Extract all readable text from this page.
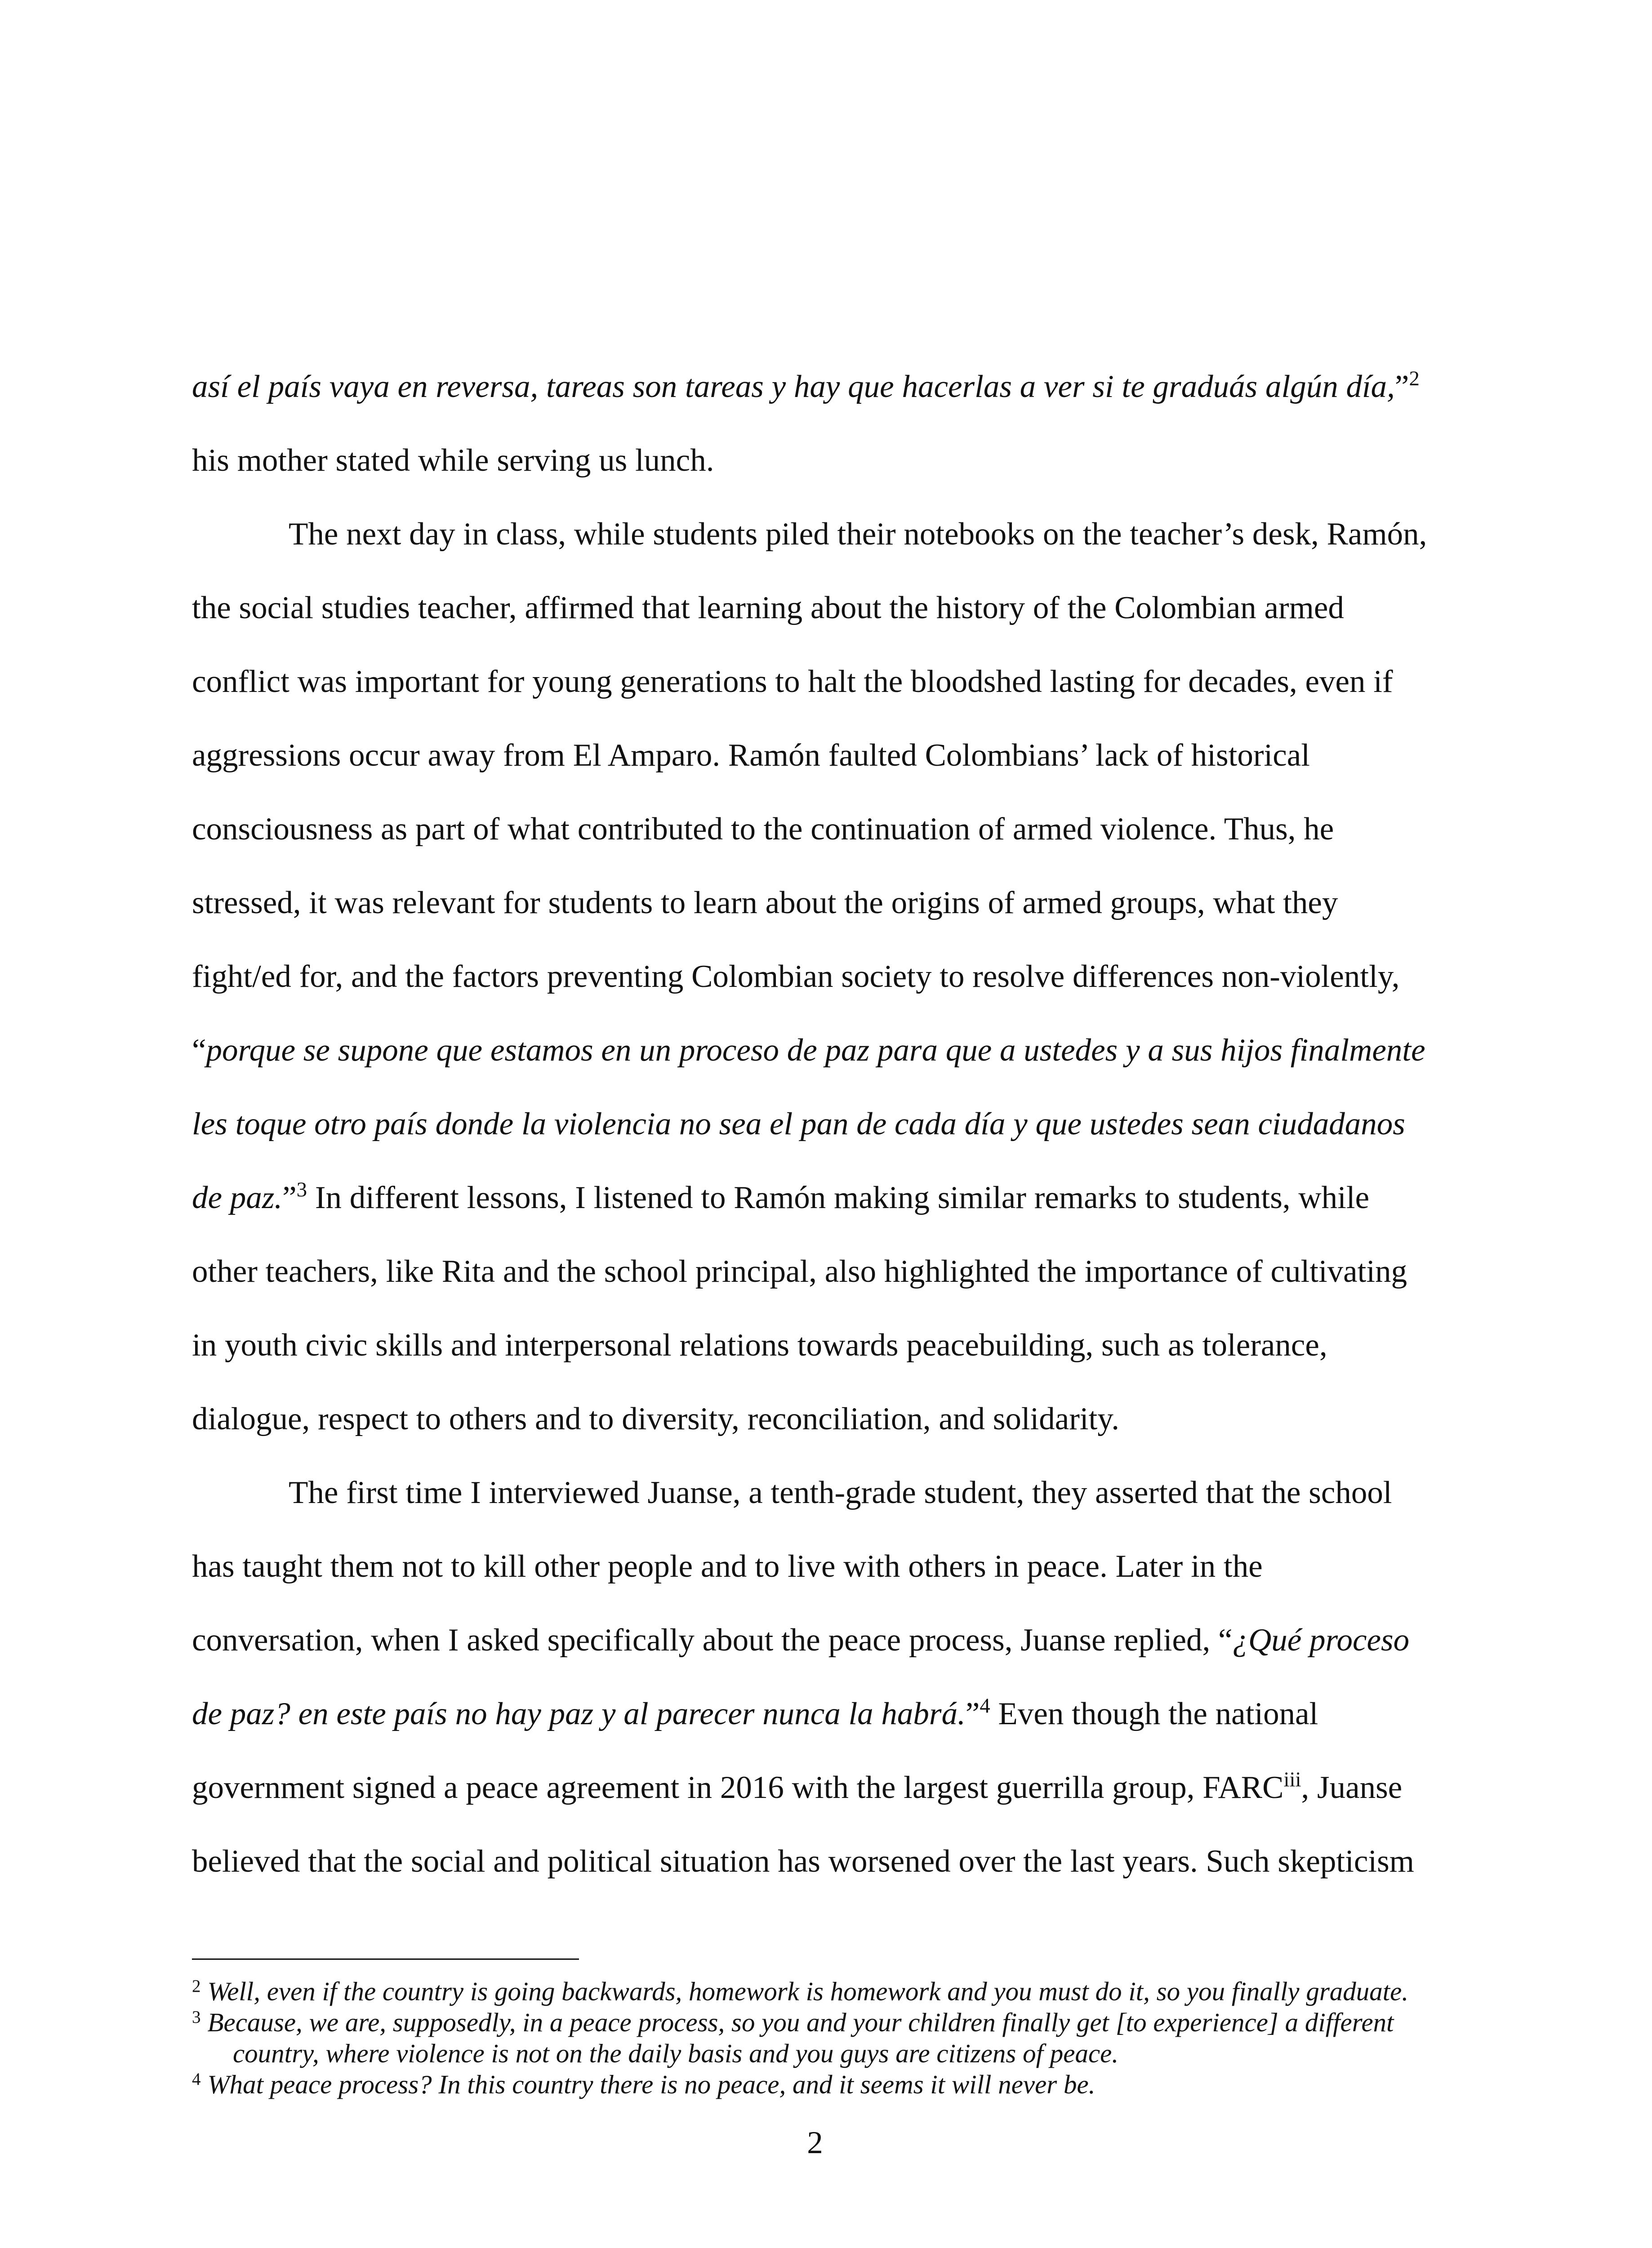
así el país vaya en reversa, tareas son tareas y hay que hacerlas a ver si te graduás algún día,”$^2$
his mother stated while serving us lunch.
The next day in class, while students piled their notebooks on the teacher’s desk, Ramón,
the social studies teacher, affirmed that learning about the history of the Colombian armed
conflict was important for young generations to halt the bloodshed lasting for decades, even if
aggressions occur away from El Amparo. Ramón faulted Colombians’ lack of historical
consciousness as part of what contributed to the continuation of armed violence. Thus, he
stressed, it was relevant for students to learn about the origins of armed groups, what they
fight/ed for, and the factors preventing Colombian society to resolve differences non-violently,
“porque se supone que estamos en un proceso de paz para que a ustedes y a sus hijos finalmente
les toque otro país donde la violencia no sea el pan de cada día y que ustedes sean ciudadanos
de paz.”$^3$ In different lessons, I listened to Ramón making similar remarks to students, while
other teachers, like Rita and the school principal, also highlighted the importance of cultivating
in youth civic skills and interpersonal relations towards peacebuilding, such as tolerance,
dialogue, respect to others and to diversity, reconciliation, and solidarity.
The first time I interviewed Juanse, a tenth-grade student, they asserted that the school
has taught them not to kill other people and to live with others in peace. Later in the
conversation, when I asked specifically about the peace process, Juanse replied, “¿Qué proceso
de paz? en este país no hay paz y al parecer nunca la habrá.”$^4$ Even though the national
government signed a peace agreement in 2016 with the largest guerrilla group, FARC$^{iii}$, Juanse
believed that the social and political situation has worsened over the last years. Such skepticism
$^2$ Well, even if the country is going backwards, homework is homework and you must do it, so you finally graduate.
$^3$ Because, we are, supposedly, in a peace process, so you and your children finally get [to experience] a different
country, where violence is not on the daily basis and you guys are citizens of peace.
$^4$ What peace process? In this country there is no peace, and it seems it will never be.
2
